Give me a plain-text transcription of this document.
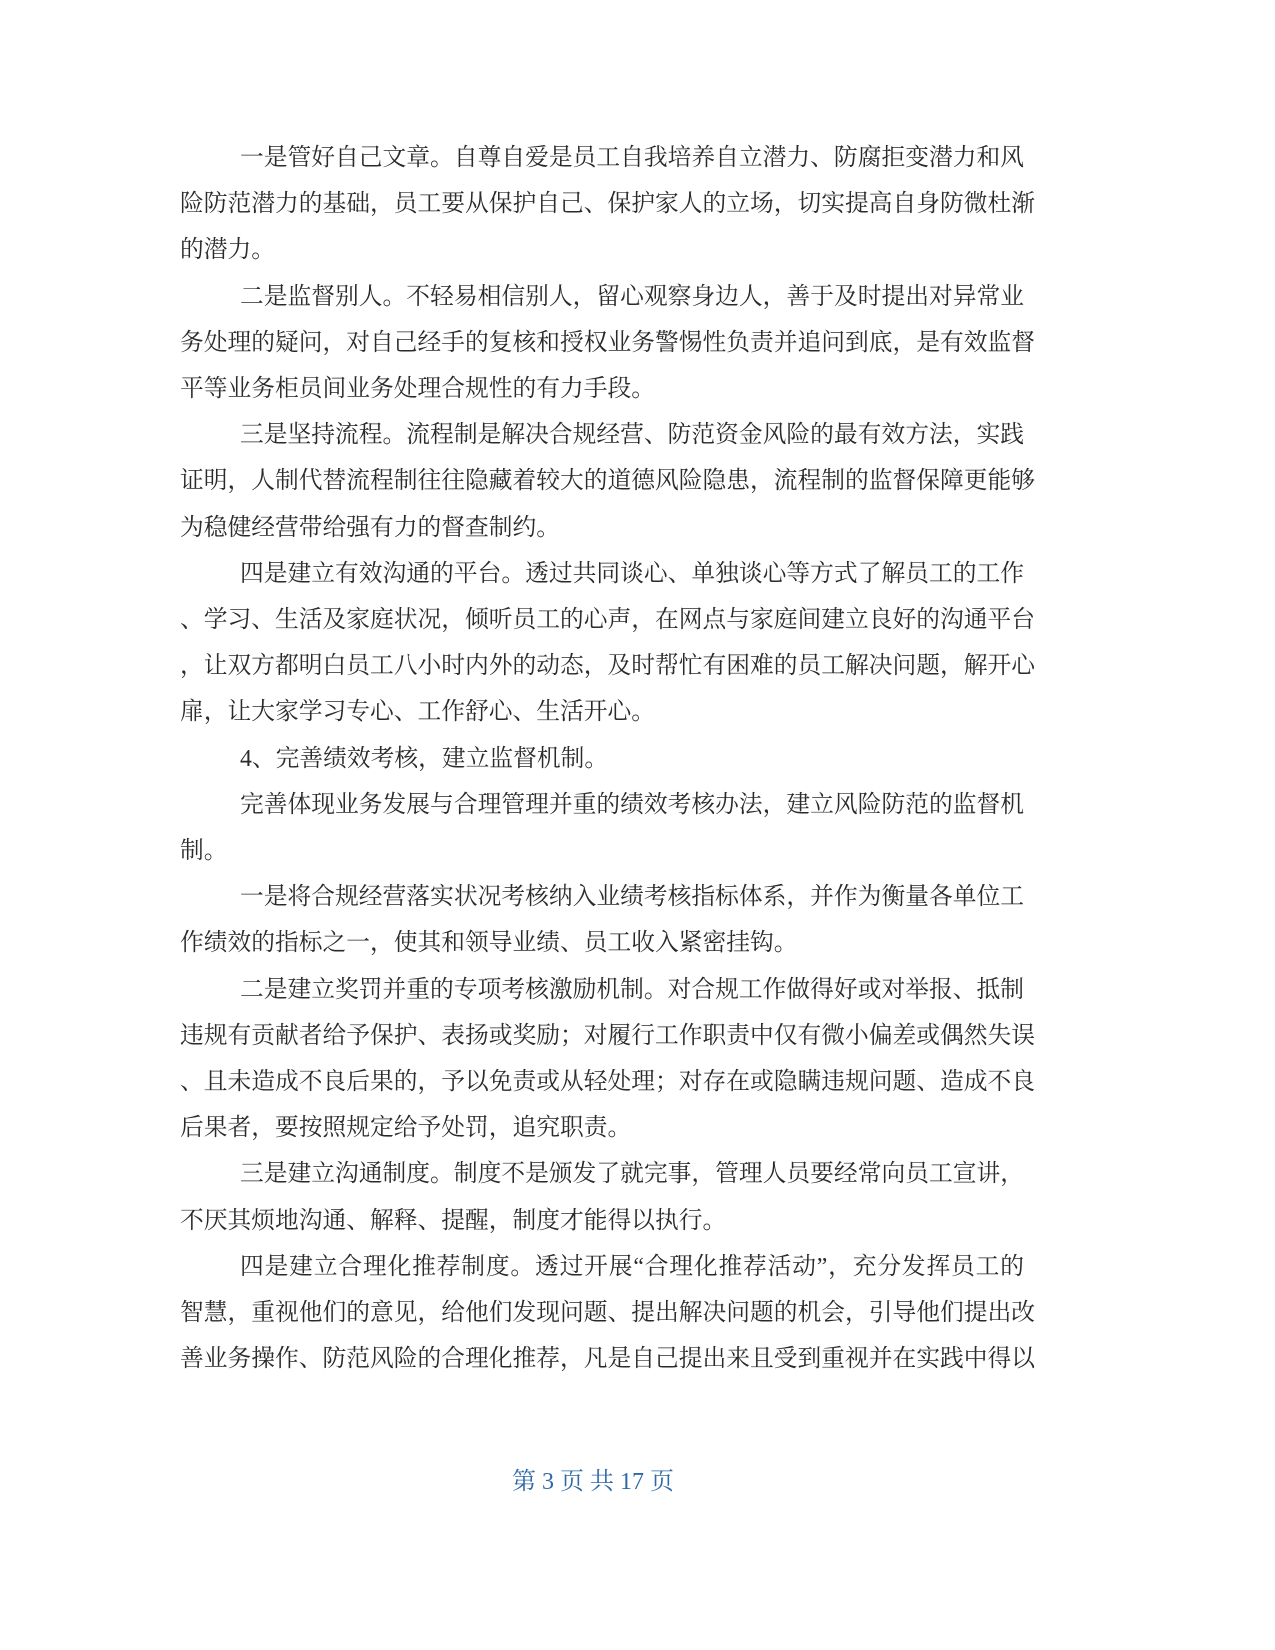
一是管好自己文章。自尊自爱是员工自我培养自立潜力、防腐拒变潜力和风
险防范潜力的基础，员工要从保护自己、保护家人的立场，切实提高自身防微杜渐
的潜力。
二是监督别人。不轻易相信别人，留心观察身边人，善于及时提出对异常业
务处理的疑问，对自己经手的复核和授权业务警惕性负责并追问到底，是有效监督
平等业务柜员间业务处理合规性的有力手段。
三是坚持流程。流程制是解决合规经营、防范资金风险的最有效方法，实践
证明，人制代替流程制往往隐藏着较大的道德风险隐患，流程制的监督保障更能够
为稳健经营带给强有力的督查制约。
四是建立有效沟通的平台。透过共同谈心、单独谈心等方式了解员工的工作
、学习、生活及家庭状况，倾听员工的心声，在网点与家庭间建立良好的沟通平台
，让双方都明白员工八小时内外的动态，及时帮忙有困难的员工解决问题，解开心
扉，让大家学习专心、工作舒心、生活开心。
4、完善绩效考核，建立监督机制。
完善体现业务发展与合理管理并重的绩效考核办法，建立风险防范的监督机
制。
一是将合规经营落实状况考核纳入业绩考核指标体系，并作为衡量各单位工
作绩效的指标之一，使其和领导业绩、员工收入紧密挂钩。
二是建立奖罚并重的专项考核激励机制。对合规工作做得好或对举报、抵制
违规有贡献者给予保护、表扬或奖励；对履行工作职责中仅有微小偏差或偶然失误
、且未造成不良后果的，予以免责或从轻处理；对存在或隐瞒违规问题、造成不良
后果者，要按照规定给予处罚，追究职责。
三是建立沟通制度。制度不是颁发了就完事，管理人员要经常向员工宣讲，
不厌其烦地沟通、解释、提醒，制度才能得以执行。
四是建立合理化推荐制度。透过开展“合理化推荐活动”，充分发挥员工的
智慧，重视他们的意见，给他们发现问题、提出解决问题的机会，引导他们提出改
善业务操作、防范风险的合理化推荐，凡是自己提出来且受到重视并在实践中得以
第 3 页 共 17 页
